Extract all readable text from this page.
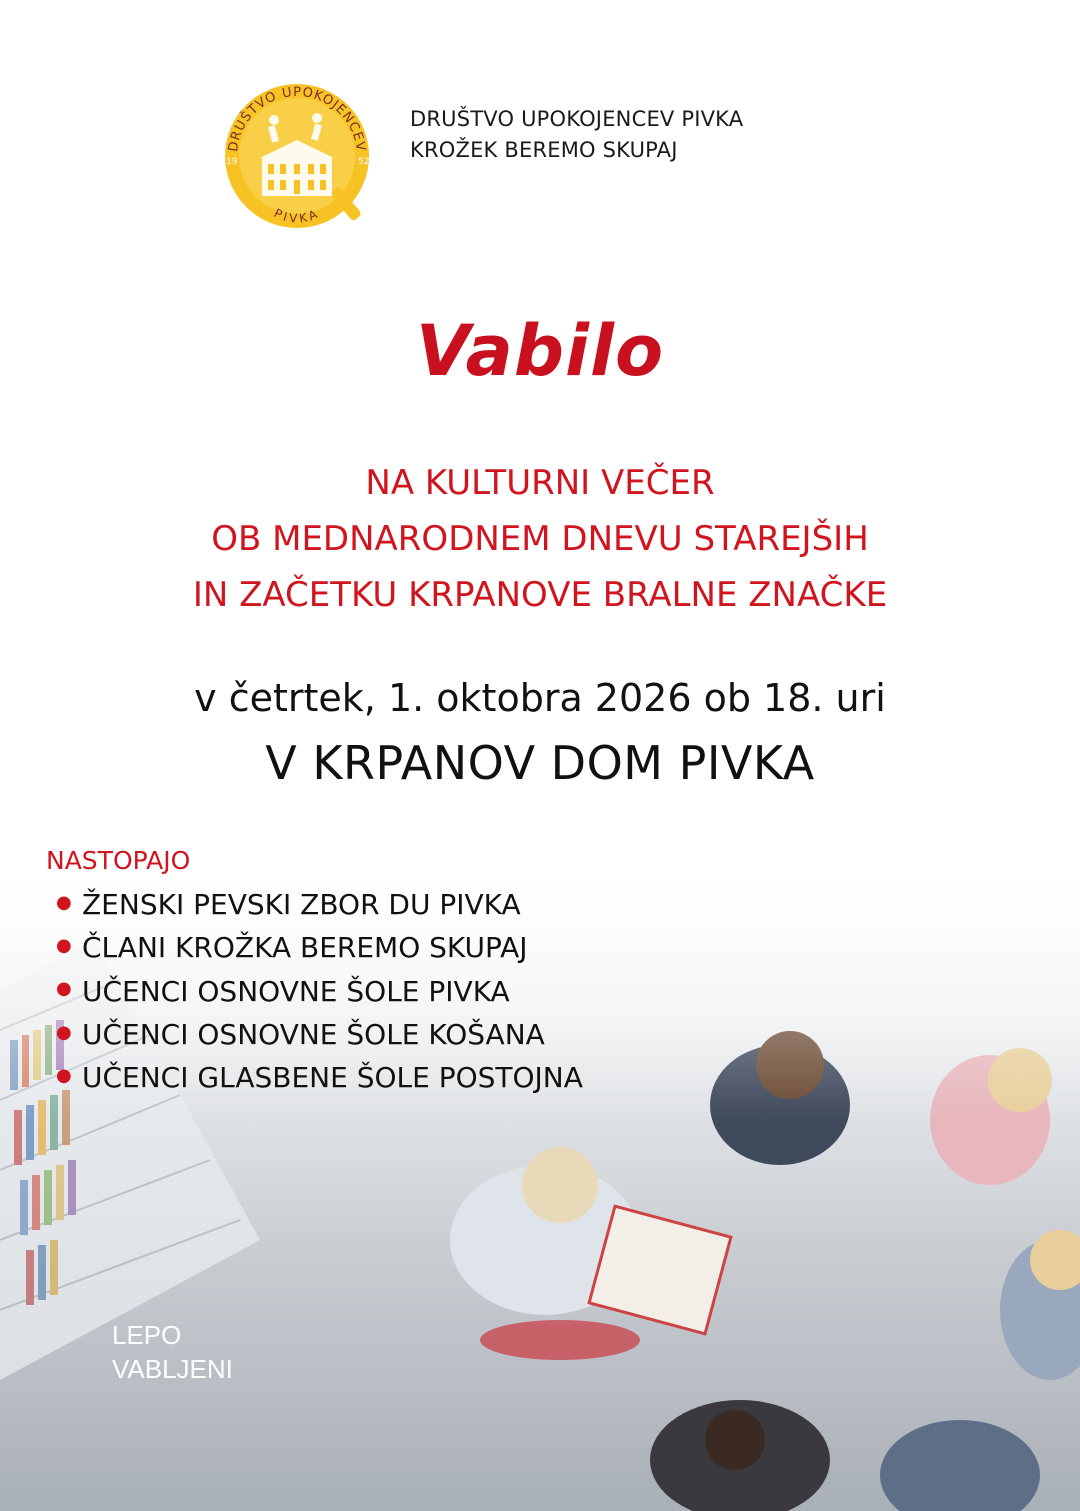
DRUŠTVO UPOKOJENCEV
19	52
PIVKA
DRUŠTVO UPOKOJENCEV PIVKA
KROŽEK BEREMO SKUPAJ
Vabilo
NA KULTURNI VEČER
OB MEDNARODNEM DNEVU STAREJŠIH
IN ZAČETKU KRPANOVE BRALNE ZNAČKE
v četrtek, 1. oktobra 2026 ob 18. uri
V KRPANOV DOM PIVKA
NASTOPAJO
● ŽENSKI PEVSKI ZBOR DU PIVKA
● ČLANI KROŽKA BEREMO SKUPAJ
● UČENCI OSNOVNE ŠOLE PIVKA
● UČENCI OSNOVNE ŠOLE KOŠANA
● UČENCI GLASBENE ŠOLE POSTOJNA
LEPO
VABLJENI
